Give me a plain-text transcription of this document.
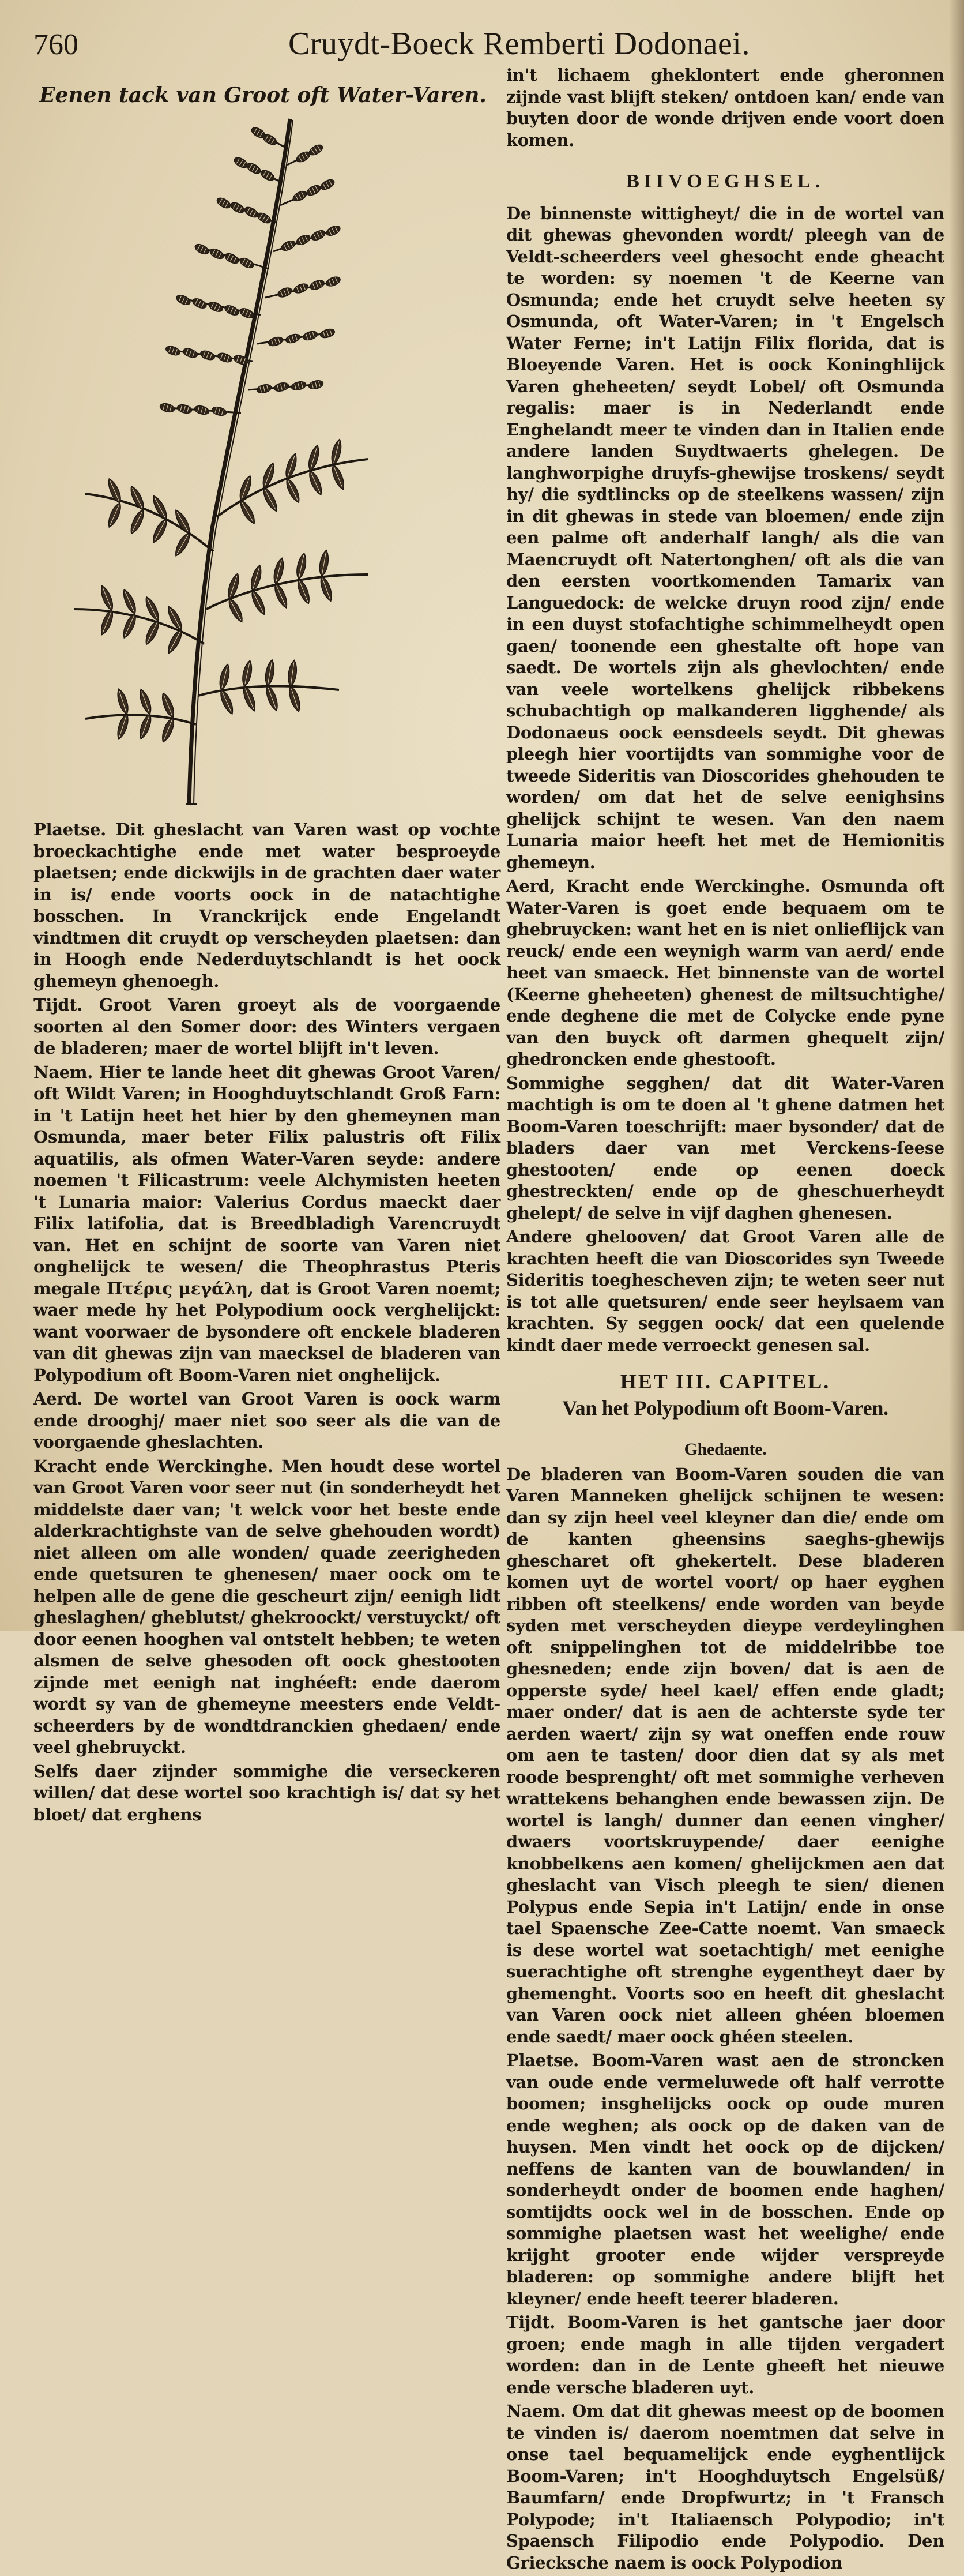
760	Cruydt-Boeck Remberti Dodonaei.
Eenen tack van Groot oft Water-Varen.

Plaetse. Dit gheslacht van Varen wast op vochte broeckachtighe ende met water besproeyde plaetsen; ende dickwijls in de grachten daer water in is/ ende voorts oock in de natachtighe bosschen. In Vranckrijck ende Engelandt vindtmen dit cruydt op verscheyden plaetsen: dan in Hoogh ende Nederduytschlandt is het oock ghemeyn ghenoegh.

Tijdt. Groot Varen groeyt als de voorgaende soorten al den Somer door: des Winters vergaen de bladeren; maer de wortel blijft in't leven.

Naem. Hier te lande heet dit ghewas Groot Varen/ oft Wildt Varen; in Hooghduytschlandt Groß Farn: in 't Latijn heet het hier by den ghemeynen man Osmunda, maer beter Filix palustris oft Filix aquatilis, als ofmen Water-Varen seyde: andere noemen 't Filicastrum: veele Alchymisten heeten 't Lunaria maior: Valerius Cordus maeckt daer Filix latifolia, dat is Breedbladigh Varencruydt van. Het en schijnt de soorte van Varen niet onghelijck te wesen/ die Theophrastus Pteris megale Πτέρις μεγάλη, dat is Groot Varen noemt; waer mede hy het Polypodium oock verghelijckt: want voorwaer de bysondere oft enckele bladeren van dit ghewas zijn van maecksel de bladeren van Polypodium oft Boom-Varen niet onghelijck.

Aerd. De wortel van Groot Varen is oock warm ende drooghj/ maer niet soo seer als die van de voorgaende gheslachten.

Kracht ende Werckinghe. Men houdt dese wortel van Groot Varen voor seer nut (in sonderheydt het middelste daer van; 't welck voor het beste ende alderkrachtighste van de selve ghehouden wordt) niet alleen om alle wonden/ quade zeerigheden ende quetsuren te ghenesen/ maer oock om te helpen alle de gene die gescheurt zijn/ eenigh lidt gheslaghen/ gheblutst/ ghekroockt/ verstuyckt/ oft door eenen hooghen val ontstelt hebben; te weten alsmen de selve ghesoden oft oock ghestooten zijnde met eenigh nat inghéeft: ende daerom wordt sy van de ghemeyne meesters ende Veldt-scheerders by de wondtdranckien ghedaen/ ende veel ghebruyckt.

Selfs daer zijnder sommighe die verseckeren willen/ dat dese wortel soo krachtigh is/ dat sy het bloet/ dat erghens

in't lichaem gheklontert ende gheronnen zijnde vast blijft steken/ ontdoen kan/ ende van buyten door de wonde drijven ende voort doen komen.

BIIVOEGHSEL.

De binnenste wittigheyt/ die in de wortel van dit ghewas ghevonden wordt/ pleegh van de Veldt-scheerders veel ghesocht ende gheacht te worden: sy noemen 't de Keerne van Osmunda; ende het cruydt selve heeten sy Osmunda, oft Water-Varen; in 't Engelsch Water Ferne; in't Latijn Filix florida, dat is Bloeyende Varen. Het is oock Koninghlijck Varen gheheeten/ seydt Lobel/ oft Osmunda regalis: maer is in Nederlandt ende Enghelandt meer te vinden dan in Italien ende andere landen Suydtwaerts ghelegen. De langhworpighe druyfs-ghewijse troskens/ seydt hy/ die sydtlincks op de steelkens wassen/ zijn in dit ghewas in stede van bloemen/ ende zijn een palme oft anderhalf langh/ als die van Maencruydt oft Natertonghen/ oft als die van den eersten voortkomenden Tamarix van Languedock: de welcke druyn rood zijn/ ende in een duyst stofachtighe schimmelheydt open gaen/ toonende een ghestalte oft hope van saedt. De wortels zijn als ghevlochten/ ende van veele wortelkens ghelijck ribbekens schubachtigh op malkanderen ligghende/ als Dodonaeus oock eensdeels seydt. Dit ghewas pleegh hier voortijdts van sommighe voor de tweede Sideritis van Dioscorides ghehouden te worden/ om dat het de selve eenighsins ghelijck schijnt te wesen. Van den naem Lunaria maior heeft het met de Hemionitis ghemeyn.

Aerd, Kracht ende Werckinghe. Osmunda oft Water-Varen is goet ende bequaem om te ghebruycken: want het en is niet onlieflijck van reuck/ ende een weynigh warm van aerd/ ende heet van smaeck. Het binnenste van de wortel (Keerne gheheeten) ghenest de miltsuchtighe/ ende deghene die met de Colycke ende pyne van den buyck oft darmen ghequelt zijn/ ghedroncken ende ghestooft.

Sommighe segghen/ dat dit Water-Varen machtigh is om te doen al 't ghene datmen het Boom-Varen toeschrijft: maer bysonder/ dat de bladers daer van met Verckens-ſeese ghestooten/ ende op eenen doeck ghestreckten/ ende op de gheschuerheydt ghelept/ de selve in vijf daghen ghenesen.

Andere ghelooven/ dat Groot Varen alle de krachten heeft die van Dioscorides syn Tweede Sideritis toeghescheven zijn; te weten seer nut is tot alle quetsuren/ ende seer heylsaem van krachten. Sy seggen oock/ dat een quelende kindt daer mede verroeckt genesen sal.

HET III. CAPITEL.
Van het Polypodium oft Boom-Varen.
Ghedaente.

De bladeren van Boom-Varen souden die van Varen Manneken ghelijck schijnen te wesen: dan sy zijn heel veel kleyner dan die/ ende om de kanten gheensins saeghs-ghewijs ghescharet oft ghekertelt. Dese bladeren komen uyt de wortel voort/ op haer eyghen ribben oft steelkens/ ende worden van beyde syden met verscheyden dieype verdeylinghen oft snippelinghen tot de middelribbe toe ghesneden; ende zijn boven/ dat is aen de opperste syde/ heel kael/ effen ende gladt; maer onder/ dat is aen de achterste syde ter aerden waert/ zijn sy wat oneffen ende rouw om aen te tasten/ door dien dat sy als met roode besprenght/ oft met sommighe verheven wrattekens behanghen ende bewassen zijn. De wortel is langh/ dunner dan eenen vingher/ dwaers voortskruypende/ daer eenighe knobbelkens aen komen/ ghelijckmen aen dat gheslacht van Visch pleegh te sien/ dienen Polypus ende Sepia in't Latijn/ ende in onse tael Spaensche Zee-Catte noemt. Van smaeck is dese wortel wat soetachtigh/ met eenighe suerachtighe oft strenghe eygentheyt daer by ghemenght. Voorts soo en heeft dit gheslacht van Varen oock niet alleen ghéen bloemen ende saedt/ maer oock ghéen steelen.

Plaetse. Boom-Varen wast aen de stroncken van oude ende vermeluwede oft half verrotte boomen; insghelijcks oock op oude muren ende weghen; als oock op de daken van de huysen. Men vindt het oock op de dijcken/ neffens de kanten van de bouwlanden/ in sonderheydt onder de boomen ende haghen/ somtijdts oock wel in de bosschen. Ende op sommighe plaetsen wast het weelighe/ ende krijght grooter ende wijder verspreyde bladeren: op sommighe andere blijft het kleyner/ ende heeft teerer bladeren.

Tijdt. Boom-Varen is het gantsche jaer door groen; ende magh in alle tijden vergadert worden: dan in de Lente gheeft het nieuwe ende versche bladeren uyt.

Naem. Om dat dit ghewas meest op de boomen te vinden is/ daerom noemtmen dat selve in onse tael bequamelijck ende eyghentlijck Boom-Varen; in't Hooghduytsch Engelsüß/ Baumfarn/ ende Dropfwurtz; in 't Fransch Polypode; in't Italiaensch Polypodio; in't Spaensch Filipodio ende Polypodio. Den Griecksche naem is oock Polypodion
